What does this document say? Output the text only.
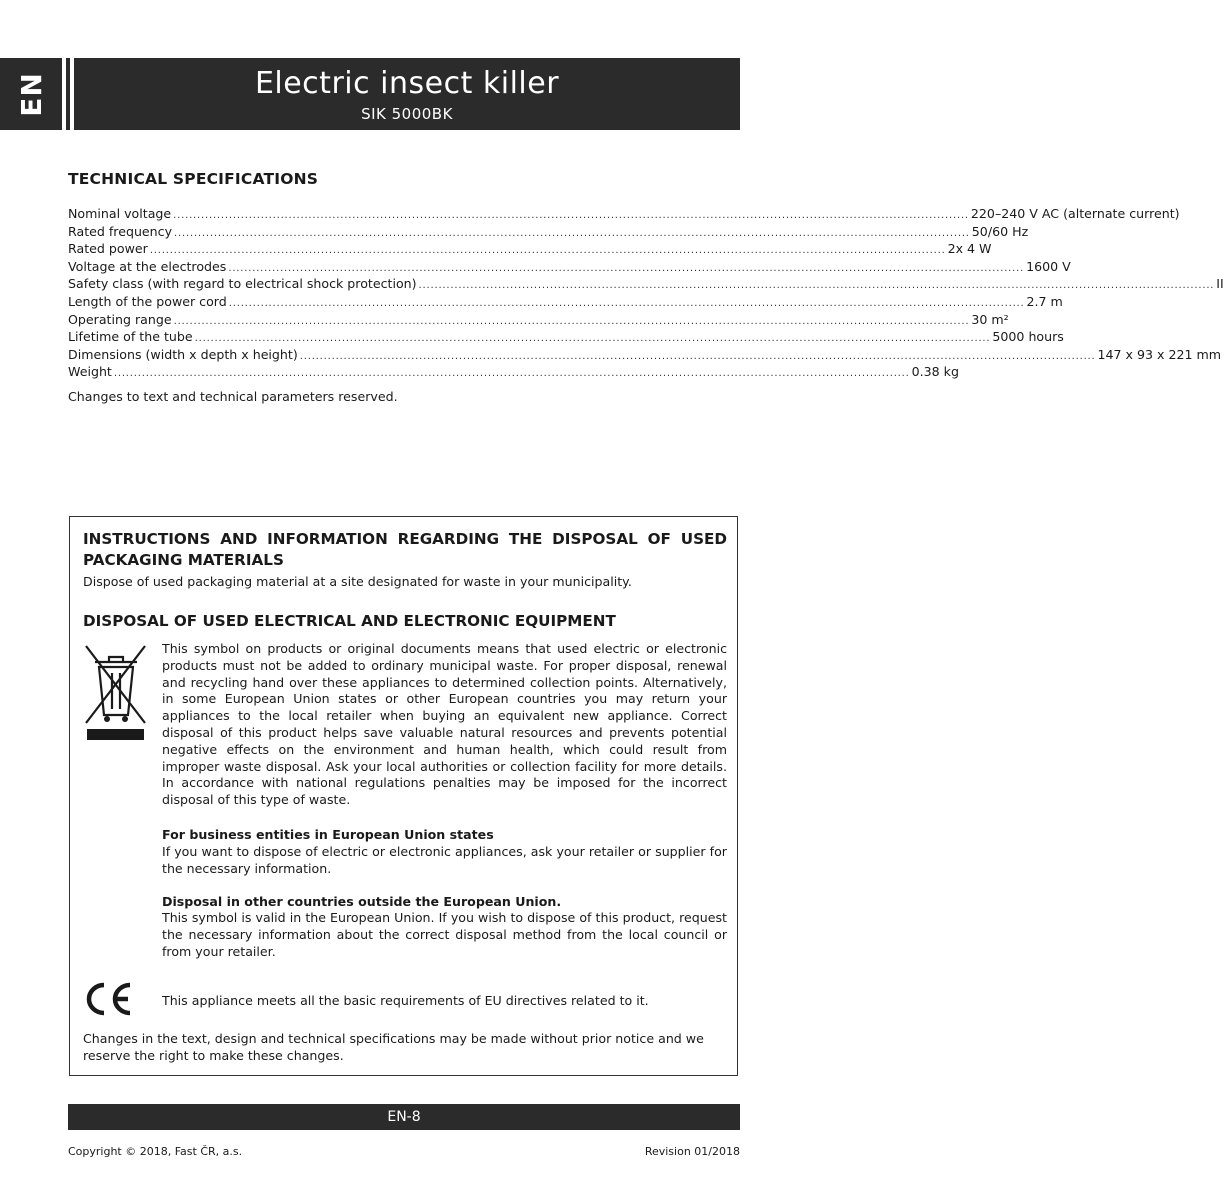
EN	Electric insect killer
SIK 5000BK
TECHNICAL SPECIFICATIONS
Nominal voltage ........................................................................................................................................................................................................ 220–240 V AC (alternate current)
Rated frequency ........................................................................................................................................................................................................ 50/60 Hz
Rated power ........................................................................................................................................................................................................ 2x 4 W
Voltage at the electrodes ........................................................................................................................................................................................................ 1600 V
Safety class (with regard to electrical shock protection) ........................................................................................................................................................................................................ II
Length of the power cord ........................................................................................................................................................................................................ 2.7 m
Operating range ........................................................................................................................................................................................................ 30 m²
Lifetime of the tube ........................................................................................................................................................................................................ 5000 hours
Dimensions (width x depth x height) ........................................................................................................................................................................................................ 147 x 93 x 221 mm
Weight ........................................................................................................................................................................................................ 0.38 kg
Changes to text and technical parameters reserved.
INSTRUCTIONS AND INFORMATION REGARDING THE DISPOSAL OF USED PACKAGING MATERIALS

Dispose of used packaging material at a site designated for waste in your municipality.

DISPOSAL OF USED ELECTRICAL AND ELECTRONIC EQUIPMENT

This symbol on products or original documents means that used electric or electronic products must not be added to ordinary municipal waste. For proper disposal, renewal and recycling hand over these appliances to determined collection points. Alternatively, in some European Union states or other European countries you may return your appliances to the local retailer when buying an equivalent new appliance. Correct disposal of this product helps save valuable natural resources and prevents potential negative effects on the environment and human health, which could result from improper waste disposal. Ask your local authorities or collection facility for more details. In accordance with national regulations penalties may be imposed for the incorrect disposal of this type of waste.

For business entities in European Union states

If you want to dispose of electric or electronic appliances, ask your retailer or supplier for the necessary information.

Disposal in other countries outside the European Union.

This symbol is valid in the European Union. If you wish to dispose of this product, request the necessary information about the correct disposal method from the local council or from your retailer.

This appliance meets all the basic requirements of EU directives related to it.

Changes in the text, design and technical specifications may be made without prior notice and we reserve the right to make these changes.

EN-8
Copyright © 2018, Fast ČR, a.s.	Revision 01/2018
